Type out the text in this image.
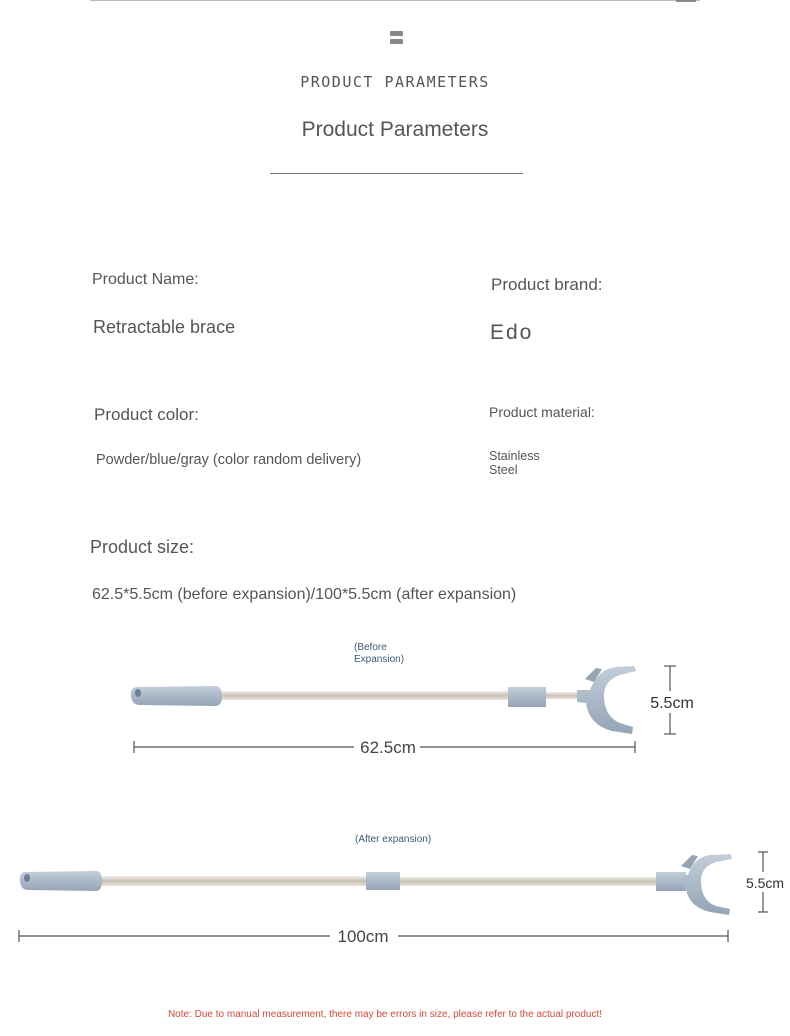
PRODUCT PARAMETERS
Product Parameters
Product Name:
Retractable brace
Product brand:
Edo
Product color:
Powder/blue/gray (color random delivery)
Product material:
Stainless
Steel
Product size:
62.5*5.5cm (before expansion)/100*5.5cm (after expansion)
(Before
Expansion)
62.5cm
5.5cm
(After expansion)
100cm
5.5cm
Note: Due to manual measurement, there may be errors in size, please refer to the actual product!
